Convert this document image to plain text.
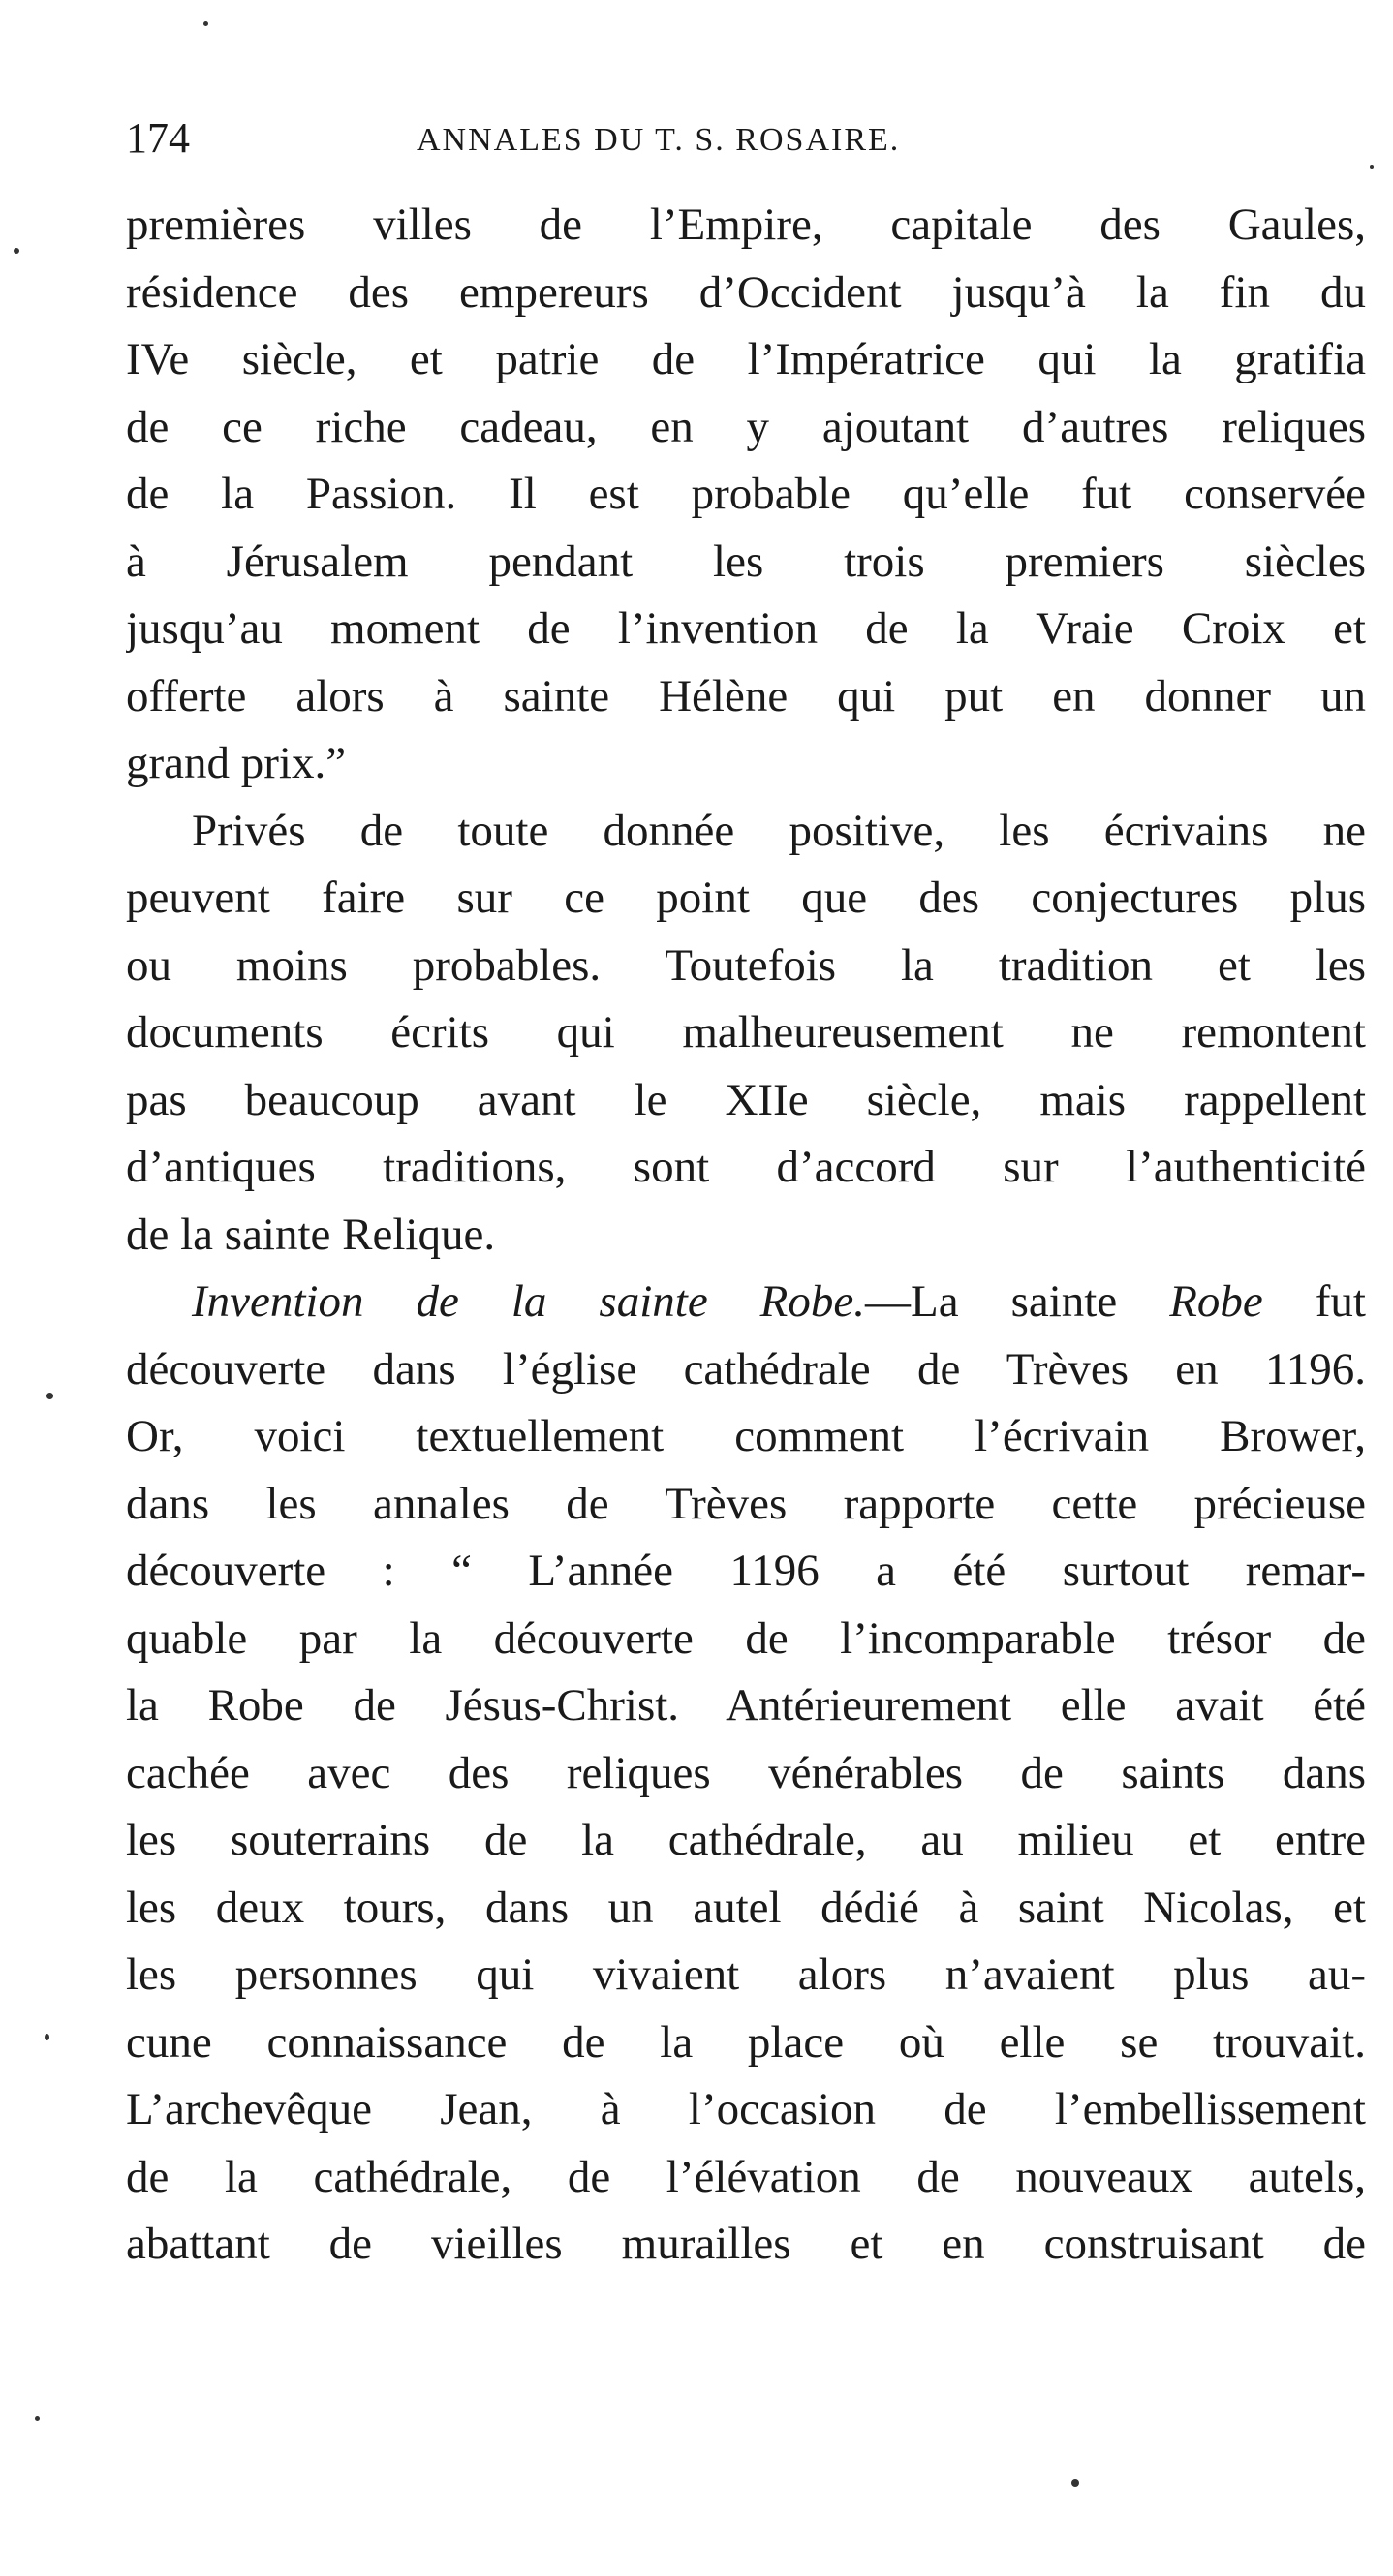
174	ANNALES DU T. S. ROSAIRE.
premières villes de l’Empire, capitale des Gaules,
résidence des empereurs d’Occident jusqu’à la fin du
IVe siècle, et patrie de l’Impératrice qui la gratifia
de ce riche cadeau, en y ajoutant d’autres reliques
de la Passion. Il est probable qu’elle fut conservée
à Jérusalem pendant les trois premiers siècles
jusqu’au moment de l’invention de la Vraie Croix et
offerte alors à sainte Hélène qui put en donner un
grand prix.”
Privés de toute donnée positive, les écrivains ne
peuvent faire sur ce point que des conjectures plus
ou moins probables. Toutefois la tradition et les
documents écrits qui malheureusement ne remontent
pas beaucoup avant le XIIe siècle, mais rappellent
d’antiques traditions, sont d’accord sur l’authenticité
de la sainte Relique.
Invention de la sainte Robe.—La sainte Robe fut
découverte dans l’église cathédrale de Trèves en 1196.
Or, voici textuellement comment l’écrivain Brower,
dans les annales de Trèves rapporte cette précieuse
découverte : “ L’année 1196 a été surtout remar-
quable par la découverte de l’incomparable trésor de
la Robe de Jésus-Christ. Antérieurement elle avait été
cachée avec des reliques vénérables de saints dans
les souterrains de la cathédrale, au milieu et entre
les deux tours, dans un autel dédié à saint Nicolas, et
les personnes qui vivaient alors n’avaient plus au-
cune connaissance de la place où elle se trouvait.
L’archevêque Jean, à l’occasion de l’embellissement
de la cathédrale, de l’élévation de nouveaux autels,
abattant de vieilles murailles et en construisant de
